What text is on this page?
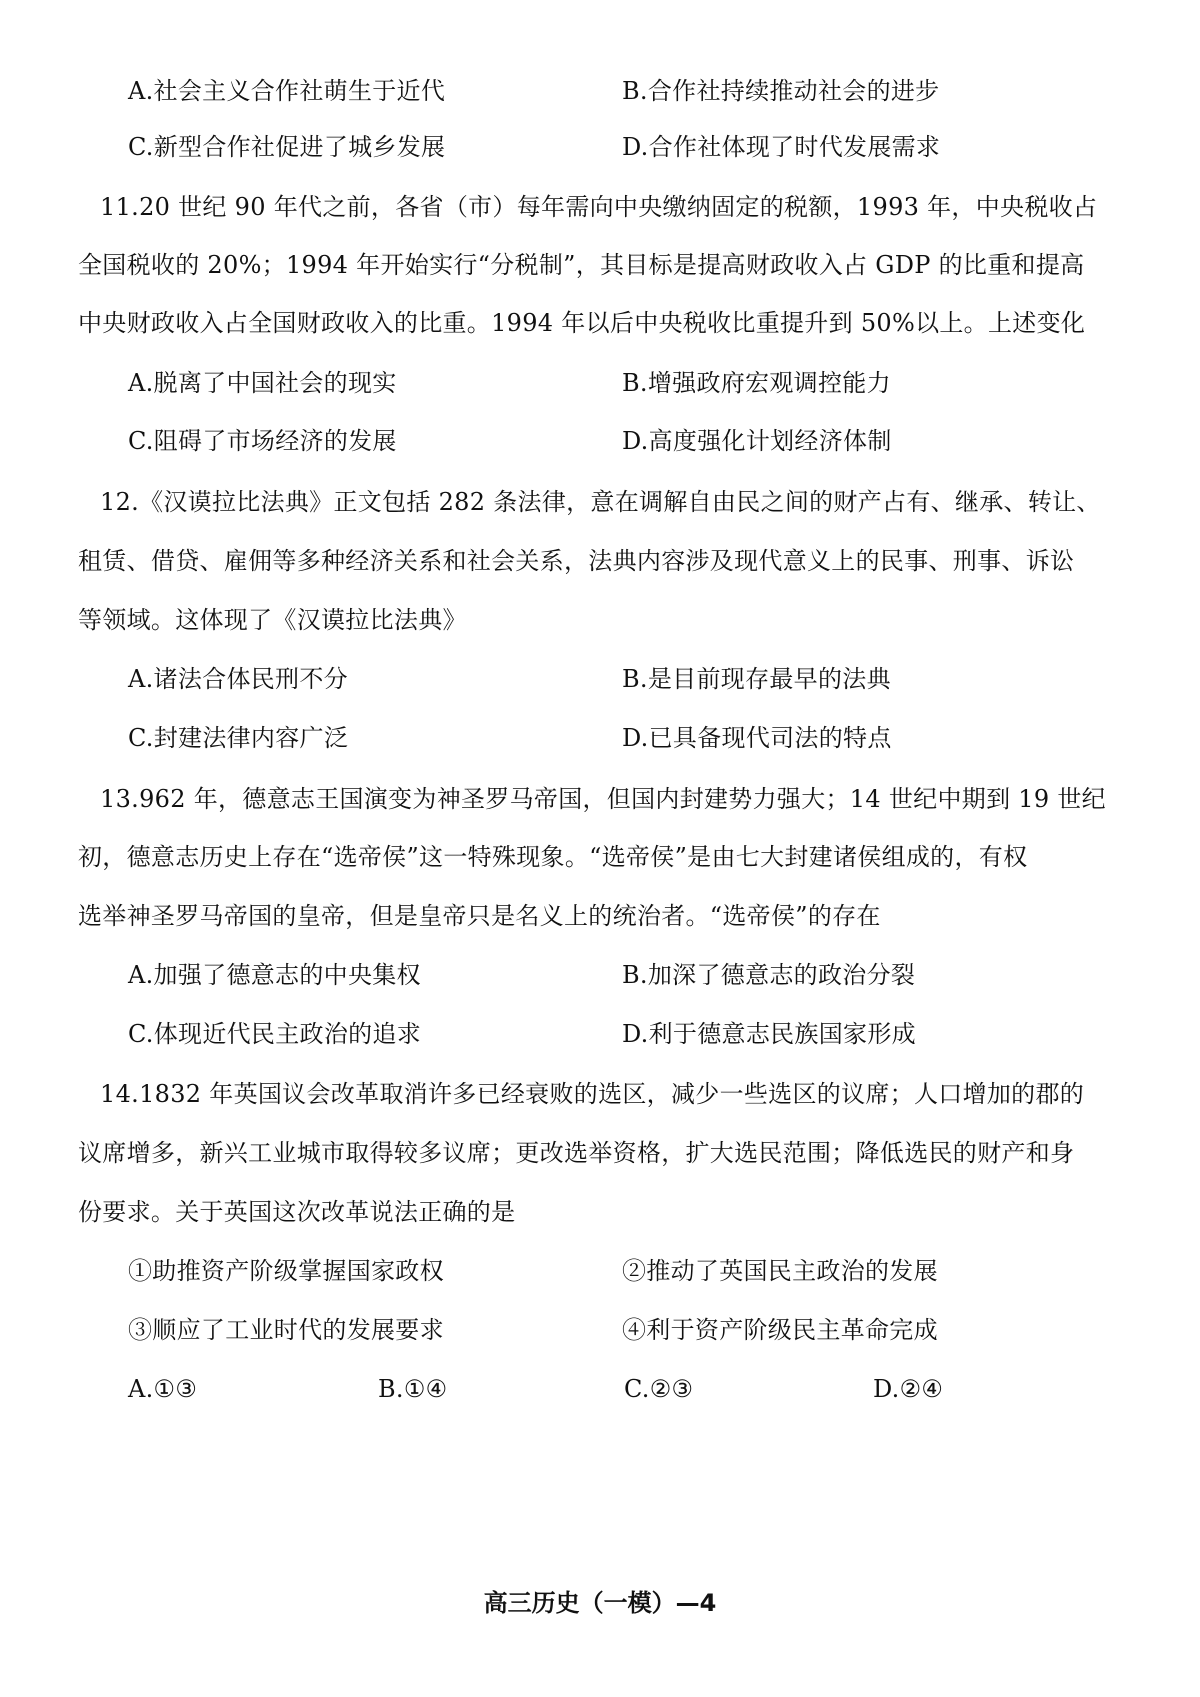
A.社会主义合作社萌生于近代	B.合作社持续推动社会的进步
C.新型合作社促进了城乡发展	D.合作社体现了时代发展需求
11.20 世纪 90 年代之前，各省（市）每年需向中央缴纳固定的税额，1993 年，中央税收占
全国税收的 20%；1994 年开始实行“分税制”，其目标是提高财政收入占 GDP 的比重和提高
中央财政收入占全国财政收入的比重。1994 年以后中央税收比重提升到 50%以上。上述变化
A.脱离了中国社会的现实	B.增强政府宏观调控能力
C.阻碍了市场经济的发展	D.高度强化计划经济体制
12.《汉谟拉比法典》正文包括 282 条法律，意在调解自由民之间的财产占有、继承、转让、
租赁、借贷、雇佣等多种经济关系和社会关系，法典内容涉及现代意义上的民事、刑事、诉讼
等领域。这体现了《汉谟拉比法典》
A.诸法合体民刑不分	B.是目前现存最早的法典
C.封建法律内容广泛	D.已具备现代司法的特点
13.962 年，德意志王国演变为神圣罗马帝国，但国内封建势力强大；14 世纪中期到 19 世纪
初，德意志历史上存在“选帝侯”这一特殊现象。“选帝侯”是由七大封建诸侯组成的，有权
选举神圣罗马帝国的皇帝，但是皇帝只是名义上的统治者。“选帝侯”的存在
A.加强了德意志的中央集权	B.加深了德意志的政治分裂
C.体现近代民主政治的追求	D.利于德意志民族国家形成
14.1832 年英国议会改革取消许多已经衰败的选区，减少一些选区的议席；人口增加的郡的
议席增多，新兴工业城市取得较多议席；更改选举资格，扩大选民范围；降低选民的财产和身
份要求。关于英国这次改革说法正确的是
①助推资产阶级掌握国家政权	②推动了英国民主政治的发展
③顺应了工业时代的发展要求	④利于资产阶级民主革命完成
A.①③	B.①④	C.②③	D.②④
高三历史（一模）—4
